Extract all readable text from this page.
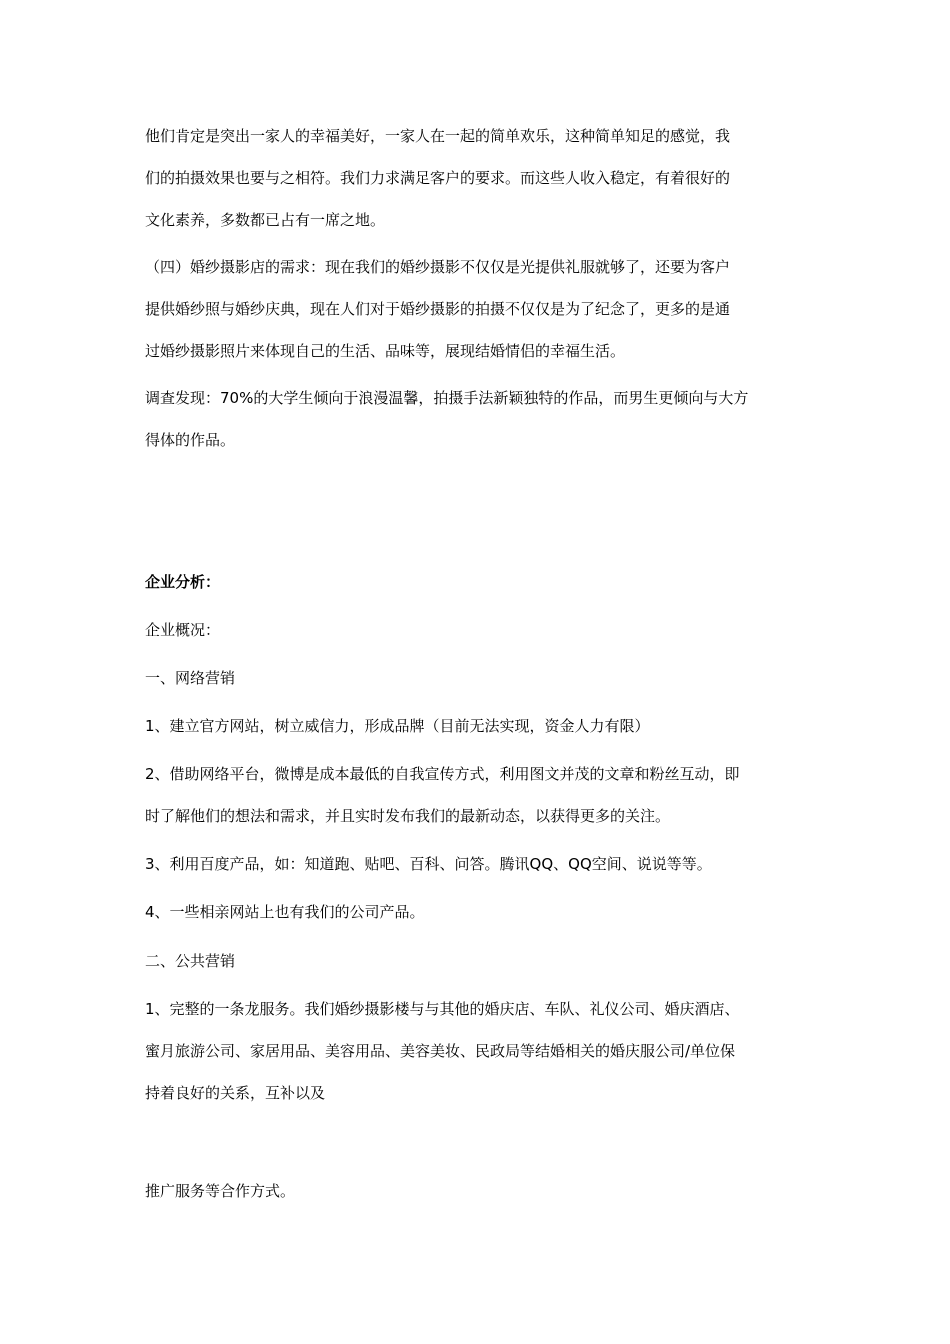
他们肯定是突出一家人的幸福美好，一家人在一起的简单欢乐，这种简单知足的感觉，我
们的拍摄效果也要与之相符。我们力求满足客户的要求。而这些人收入稳定，有着很好的
文化素养，多数都已占有一席之地。
（四）婚纱摄影店的需求：现在我们的婚纱摄影不仅仅是光提供礼服就够了，还要为客户
提供婚纱照与婚纱庆典，现在人们对于婚纱摄影的拍摄不仅仅是为了纪念了，更多的是通
过婚纱摄影照片来体现自己的生活、品味等，展现结婚情侣的幸福生活。
调查发现：70%的大学生倾向于浪漫温馨，拍摄手法新颖独特的作品，而男生更倾向与大方
得体的作品。
企业分析：
企业概况：
一、网络营销
1、建立官方网站，树立威信力，形成品牌（目前无法实现，资金人力有限）
2、借助网络平台，微博是成本最低的自我宣传方式，利用图文并茂的文章和粉丝互动，即
时了解他们的想法和需求，并且实时发布我们的最新动态，以获得更多的关注。
3、利用百度产品，如：知道跑、贴吧、百科、问答。腾讯QQ、QQ空间、说说等等。
4、一些相亲网站上也有我们的公司产品。
二、公共营销
1、完整的一条龙服务。我们婚纱摄影楼与与其他的婚庆店、车队、礼仪公司、婚庆酒店、
蜜月旅游公司、家居用品、美容用品、美容美妆、民政局等结婚相关的婚庆服公司/单位保
持着良好的关系，互补以及
推广服务等合作方式。
